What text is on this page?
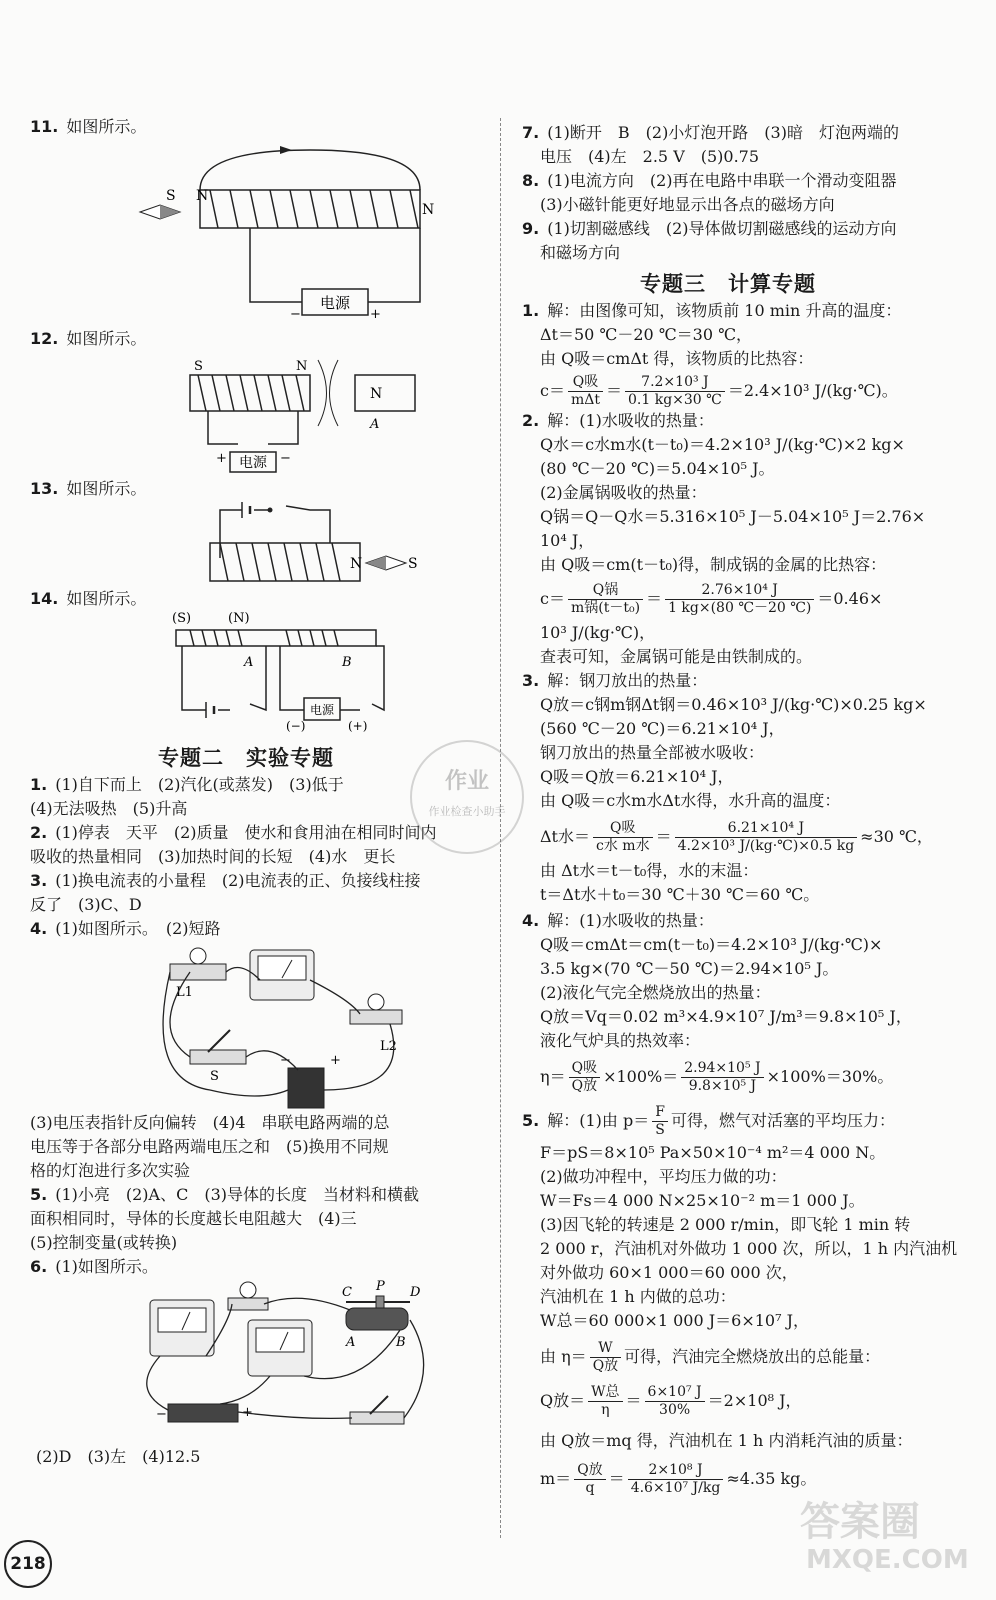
11. 如图所示。
电源
−	+
S N
N
12. 如图所示。
S	N
N
A
电源
+	−
13. 如图所示。
N	S
14. 如图所示。
(S)	(N)
A	B
电源
(−)	(+)
专题二　实验专题
1. (1)自下而上　(2)汽化(或蒸发)　(3)低于
(4)无法吸热　(5)升高
2. (1)停表　天平　(2)质量　使水和食用油在相同时间内
吸收的热量相同　(3)加热时间的长短　(4)水　更长
3. (1)换电流表的小量程　(2)电流表的正、负接线柱接
反了　(3)C、D
4. (1)如图所示。　(2)短路
L1
L2
S
−	+
(3)电压表指针反向偏转　(4)4　串联电路两端的总
电压等于各部分电路两端电压之和　(5)换用不同规
格的灯泡进行多次实验
5. (1)小亮　(2)A、C　(3)导体的长度　当材料和横截
面积相同时，导体的长度越长电阻越大　(4)三
(5)控制变量(或转换)
6. (1)如图所示。
C P D
A	B
−	+
(2)D　(3)左　(4)12.5
7. (1)断开　B　(2)小灯泡开路　(3)暗　灯泡两端的
电压　(4)左　2.5 V　(5)0.75
8. (1)电流方向　(2)再在电路中串联一个滑动变阻器
(3)小磁针能更好地显示出各点的磁场方向
9. (1)切割磁感线　(2)导体做切割磁感线的运动方向
和磁场方向
专题三　计算专题
1. 解：由图像可知，该物质前 10 min 升高的温度：
Δt＝50 ℃－20 ℃＝30 ℃，
由 Q吸＝cmΔt 得，该物质的比热容：
$c= \frac{\text{Q吸}}{\text{mΔt}} = \frac{\text{7.2×10³ J}}{0.1 kg\times 30 ℃} =2.4\times 10^3$ J/(kg·℃)。
2. 解：(1)水吸收的热量：
Q水＝c水m水(t－t₀)＝4.2×10³ J/(kg·℃)×2 kg×
(80 ℃－20 ℃)＝5.04×10⁵ J。
(2)金属锅吸收的热量：
Q锅＝Q－Q水＝5.316×10⁵ J－5.04×10⁵ J＝2.76×
10⁴ J，
由 Q吸＝cm(t－t₀)得，制成锅的金属的比热容：
$c= \frac{\text{Q锅}}{\text{m锅(t－t₀)}} = \frac{\text{2.76×10⁴ J}}{1 kg\times(80 ℃-20 ℃)} =0.46\times$
10³ J/(kg·℃)，
查表可知，金属锅可能是由铁制成的。
3. 解：钢刀放出的热量：
Q放＝c钢m钢Δt钢＝0.46×10³ J/(kg·℃)×0.25 kg×
(560 ℃－20 ℃)＝6.21×10⁴ J，
钢刀放出的热量全部被水吸收：
Q吸＝Q放＝6.21×10⁴ J，
由 Q吸＝c水m水Δt水得，水升高的温度：
Δt水＝ $\frac{\text{Q吸}}{\text{c水 m水}} = \frac{\text{6.21×10⁴ J}}{\text{4.2×10³ J/(kg·℃)×0.5 kg}} \approx 30$ ℃，
由 Δt水＝t－t₀得，水的末温：
t＝Δt水＋t₀＝30 ℃＋30 ℃＝60 ℃。
4. 解：(1)水吸收的热量：
Q吸＝cmΔt＝cm(t－t₀)＝4.2×10³ J/(kg·℃)×
3.5 kg×(70 ℃－50 ℃)＝2.94×10⁵ J。
(2)液化气完全燃烧放出的热量：
Q放＝Vq＝0.02 m³×4.9×10⁷ J/m³＝9.8×10⁵ J，
液化气炉具的热效率：
$\eta= \frac{\text{Q吸}}{\text{Q放}} \times 100\%= \frac{\text{2.94×10⁵ J}}{\text{9.8×10⁵ J}} \times 100\%=30\%$。
5. 解：(1)由 $p= \frac{F}{S}$ 可得，燃气对活塞的平均压力：
F＝pS＝8×10⁵ Pa×50×10⁻⁴ m²＝4 000 N。
(2)做功冲程中，平均压力做的功：
W＝Fs＝4 000 N×25×10⁻² m＝1 000 J。
(3)因飞轮的转速是 2 000 r/min，即飞轮 1 min 转
2 000 r，汽油机对外做功 1 000 次，所以，1 h 内汽油机
对外做功 60×1 000＝60 000 次，
汽油机在 1 h 内做的总功：
W总＝60 000×1 000 J＝6×10⁷ J，
由 $\eta= \frac{W}{\text{Q放}}$ 可得，汽油完全燃烧放出的总能量：
Q放＝ $\frac{\text{W总}}{\eta} = \frac{\text{6×10⁷ J}}{30\%} =2\times 10^8$ J，
由 Q放＝mq 得，汽油机在 1 h 内消耗汽油的质量：
$m= \frac{\text{Q放}}{q} = \frac{\text{2×10⁸ J}}{\text{4.6×10⁷ J/kg}} \approx 4.35$ kg。
作业
作业检查小助手
答案圈
MXQE.COM
218
